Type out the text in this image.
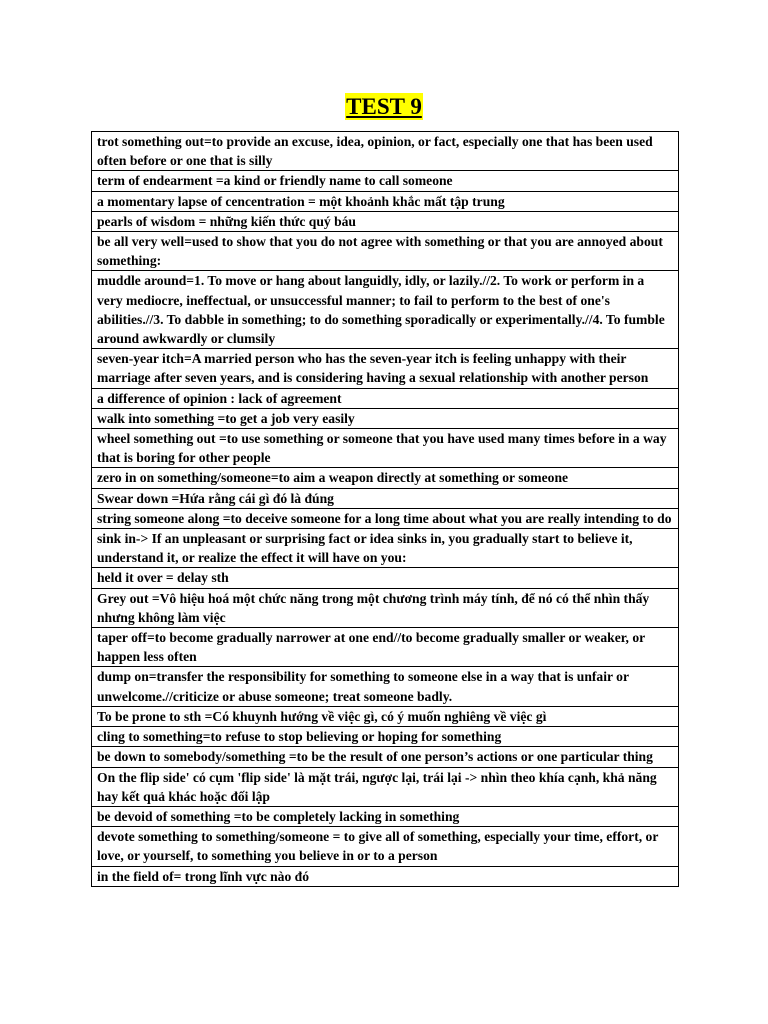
TEST 9
trot something out=to provide an excuse, idea, opinion, or fact, especially one that has been used often before or one that is silly
term of endearment =a kind or friendly name to call someone
a momentary lapse of cencentration = một khoảnh khắc mất tập trung
pearls of wisdom = những kiến thức quý báu
be all very well=used to show that you do not agree with something or that you are annoyed about something:
muddle around=1. To move or hang about languidly, idly, or lazily.//2. To work or perform in a very mediocre, ineffectual, or unsuccessful manner; to fail to perform to the best of one's abilities.//3. To dabble in something; to do something sporadically or experimentally.//4. To fumble around awkwardly or clumsily
seven-year itch=A married person who has the seven-year itch is feeling unhappy with their marriage after seven years, and is considering having a sexual relationship with another person
a difference of opinion : lack of agreement
walk into something =to get a job very easily
wheel something out =to use something or someone that you have used many times before in a way that is boring for other people
zero in on something/someone=to aim a weapon directly at something or someone
Swear down =Hứa rằng cái gì đó là đúng
string someone along =to deceive someone for a long time about what you are really intending to do
sink in-> If an unpleasant or surprising fact or idea sinks in, you gradually start to believe it, understand it, or realize the effect it will have on you:
held it over = delay sth
Grey out =Vô hiệu hoá một chức năng trong một chương trình máy tính, để nó có thể nhìn thấy nhưng không làm việc
taper off=to become gradually narrower at one end//to become gradually smaller or weaker, or happen less often
dump on=transfer the responsibility for something to someone else in a way that is unfair or unwelcome.//criticize or abuse someone; treat someone badly.
To be prone to sth =Có khuynh hướng về việc gì, có ý muốn nghiêng về việc gì
cling to something=to refuse to stop believing or hoping for something
be down to somebody/something =to be the result of one person’s actions or one particular thing
On the flip side' có cụm 'flip side' là mặt trái, ngược lại, trái lại -> nhìn theo khía cạnh, khả năng hay kết quả khác hoặc đối lập
be devoid of something =to be completely lacking in something
devote something to something/someone = to give all of something, especially your time, effort, or love, or yourself, to something you believe in or to a person
in the field of= trong lĩnh vực nào đó
